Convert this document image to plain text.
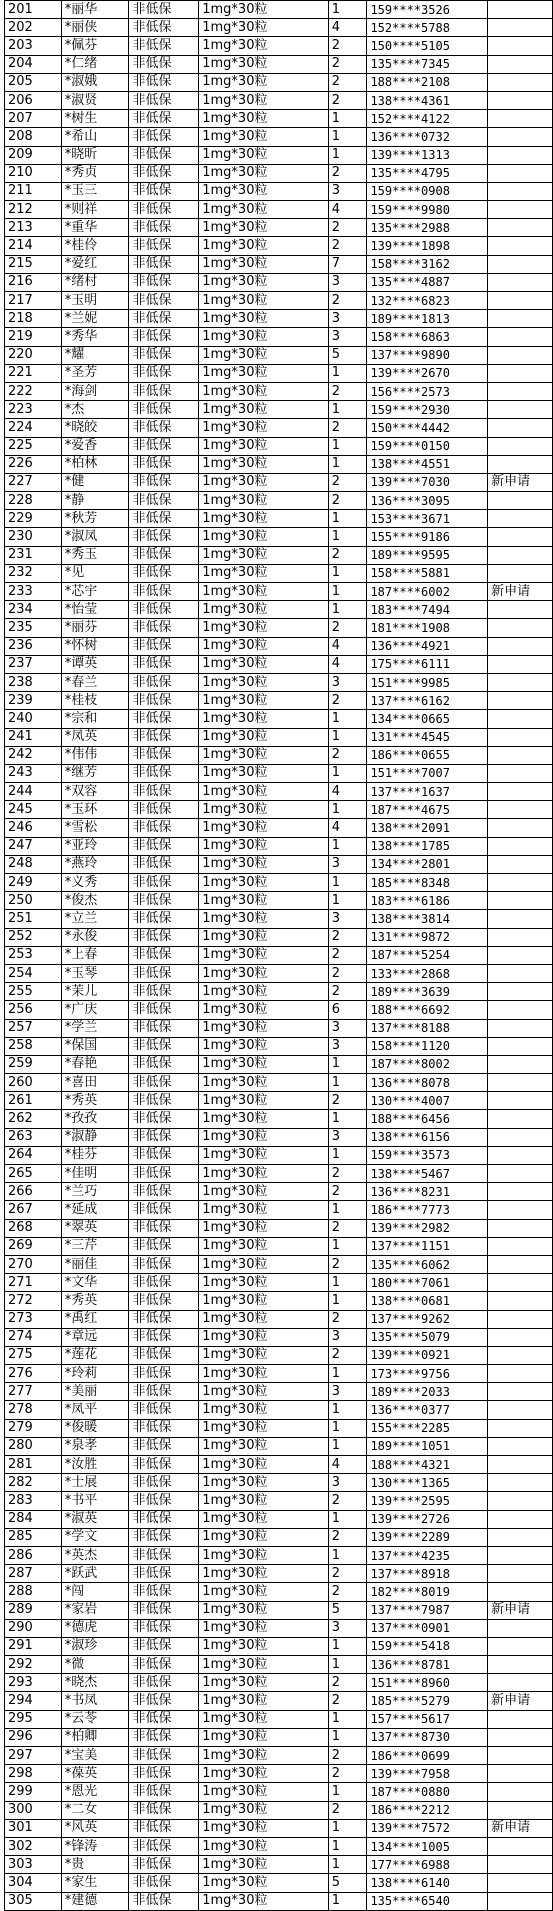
201	*丽华	非低保	1mg*30粒	1	159****3526	
202	*丽侠	非低保	1mg*30粒	4	152****5788	
203	*佩芬	非低保	1mg*30粒	2	150****5105	
204	*仁绪	非低保	1mg*30粒	2	135****7345	
205	*淑娥	非低保	1mg*30粒	2	188****2108	
206	*淑贤	非低保	1mg*30粒	2	138****4361	
207	*树生	非低保	1mg*30粒	1	152****4122	
208	*希山	非低保	1mg*30粒	1	136****0732	
209	*晓昕	非低保	1mg*30粒	1	139****1313	
210	*秀贞	非低保	1mg*30粒	2	135****4795	
211	*玉三	非低保	1mg*30粒	3	159****0908	
212	*则祥	非低保	1mg*30粒	4	159****9980	
213	*重华	非低保	1mg*30粒	2	135****2988	
214	*桂伶	非低保	1mg*30粒	2	139****1898	
215	*爱红	非低保	1mg*30粒	7	158****3162	
216	*绪村	非低保	1mg*30粒	3	135****4887	
217	*玉明	非低保	1mg*30粒	2	132****6823	
218	*兰妮	非低保	1mg*30粒	3	189****1813	
219	*秀华	非低保	1mg*30粒	3	158****6863	
220	*耀	非低保	1mg*30粒	5	137****9890	
221	*圣芳	非低保	1mg*30粒	1	139****2670	
222	*海剑	非低保	1mg*30粒	2	156****2573	
223	*杰	非低保	1mg*30粒	1	159****2930	
224	*晓皎	非低保	1mg*30粒	2	150****4442	
225	*爱香	非低保	1mg*30粒	1	159****0150	
226	*柏林	非低保	1mg*30粒	1	138****4551	
227	*健	非低保	1mg*30粒	2	139****7030	新申请
228	*静	非低保	1mg*30粒	2	136****3095	
229	*秋芳	非低保	1mg*30粒	1	153****3671	
230	*淑凤	非低保	1mg*30粒	1	155****9186	
231	*秀玉	非低保	1mg*30粒	2	189****9595	
232	*见	非低保	1mg*30粒	1	158****5881	
233	*芯宇	非低保	1mg*30粒	1	187****6002	新申请
234	*怡莹	非低保	1mg*30粒	1	183****7494	
235	*丽芬	非低保	1mg*30粒	2	181****1908	
236	*怀树	非低保	1mg*30粒	4	136****4921	
237	*谭英	非低保	1mg*30粒	4	175****6111	
238	*春兰	非低保	1mg*30粒	3	151****9985	
239	*桂枝	非低保	1mg*30粒	2	137****6162	
240	*宗和	非低保	1mg*30粒	1	134****0665	
241	*凤英	非低保	1mg*30粒	1	131****4545	
242	*伟伟	非低保	1mg*30粒	2	186****0655	
243	*继芳	非低保	1mg*30粒	1	151****7007	
244	*双容	非低保	1mg*30粒	4	137****1637	
245	*玉环	非低保	1mg*30粒	1	187****4675	
246	*雪松	非低保	1mg*30粒	4	138****2091	
247	*亚玲	非低保	1mg*30粒	1	138****1785	
248	*燕玲	非低保	1mg*30粒	3	134****2801	
249	*义秀	非低保	1mg*30粒	1	185****8348	
250	*俊杰	非低保	1mg*30粒	1	183****6186	
251	*立兰	非低保	1mg*30粒	3	138****3814	
252	*永俊	非低保	1mg*30粒	2	131****9872	
253	*上春	非低保	1mg*30粒	2	187****5254	
254	*玉琴	非低保	1mg*30粒	2	133****2868	
255	*茉儿	非低保	1mg*30粒	2	189****3639	
256	*广庆	非低保	1mg*30粒	6	188****6692	
257	*学兰	非低保	1mg*30粒	3	137****8188	
258	*保国	非低保	1mg*30粒	3	158****1120	
259	*春艳	非低保	1mg*30粒	1	187****8002	
260	*喜田	非低保	1mg*30粒	1	136****8078	
261	*秀英	非低保	1mg*30粒	2	130****4007	
262	*孜孜	非低保	1mg*30粒	1	188****6456	
263	*淑静	非低保	1mg*30粒	3	138****6156	
264	*桂芬	非低保	1mg*30粒	1	159****3573	
265	*佳明	非低保	1mg*30粒	2	138****5467	
266	*兰巧	非低保	1mg*30粒	2	136****8231	
267	*延成	非低保	1mg*30粒	1	186****7773	
268	*翠英	非低保	1mg*30粒	2	139****2982	
269	*三芹	非低保	1mg*30粒	1	137****1151	
270	*丽佳	非低保	1mg*30粒	2	135****6062	
271	*文华	非低保	1mg*30粒	1	180****7061	
272	*秀英	非低保	1mg*30粒	1	138****0681	
273	*禹红	非低保	1mg*30粒	2	137****9262	
274	*章远	非低保	1mg*30粒	3	135****5079	
275	*莲花	非低保	1mg*30粒	2	139****0921	
276	*玲莉	非低保	1mg*30粒	1	173****9756	
277	*美丽	非低保	1mg*30粒	3	189****2033	
278	*凤平	非低保	1mg*30粒	1	136****0377	
279	*俊暖	非低保	1mg*30粒	1	155****2285	
280	*泉孝	非低保	1mg*30粒	1	189****1051	
281	*汝胜	非低保	1mg*30粒	4	188****4321	
282	*士展	非低保	1mg*30粒	3	130****1365	
283	*书平	非低保	1mg*30粒	2	139****2595	
284	*淑英	非低保	1mg*30粒	1	139****2726	
285	*学文	非低保	1mg*30粒	2	139****2289	
286	*英杰	非低保	1mg*30粒	1	137****4235	
287	*跃武	非低保	1mg*30粒	2	137****8918	
288	*闯	非低保	1mg*30粒	2	182****8019	
289	*家岩	非低保	1mg*30粒	5	137****7987	新申请
290	*德虎	非低保	1mg*30粒	3	137****0901	
291	*淑珍	非低保	1mg*30粒	1	159****5418	
292	*微	非低保	1mg*30粒	1	136****8781	
293	*晓杰	非低保	1mg*30粒	2	151****8960	
294	*书凤	非低保	1mg*30粒	2	185****5279	新申请
295	*云苓	非低保	1mg*30粒	1	157****5617	
296	*柏卿	非低保	1mg*30粒	1	137****8730	
297	*宝美	非低保	1mg*30粒	2	186****0699	
298	*葆英	非低保	1mg*30粒	2	139****7958	
299	*恩光	非低保	1mg*30粒	1	187****0880	
300	*二女	非低保	1mg*30粒	2	186****2212	
301	*风英	非低保	1mg*30粒	1	139****7572	新申请
302	*锋涛	非低保	1mg*30粒	1	134****1005	
303	*贵	非低保	1mg*30粒	1	177****6988	
304	*家生	非低保	1mg*30粒	5	138****6140	
305	*建德	非低保	1mg*30粒	1	135****6540	
